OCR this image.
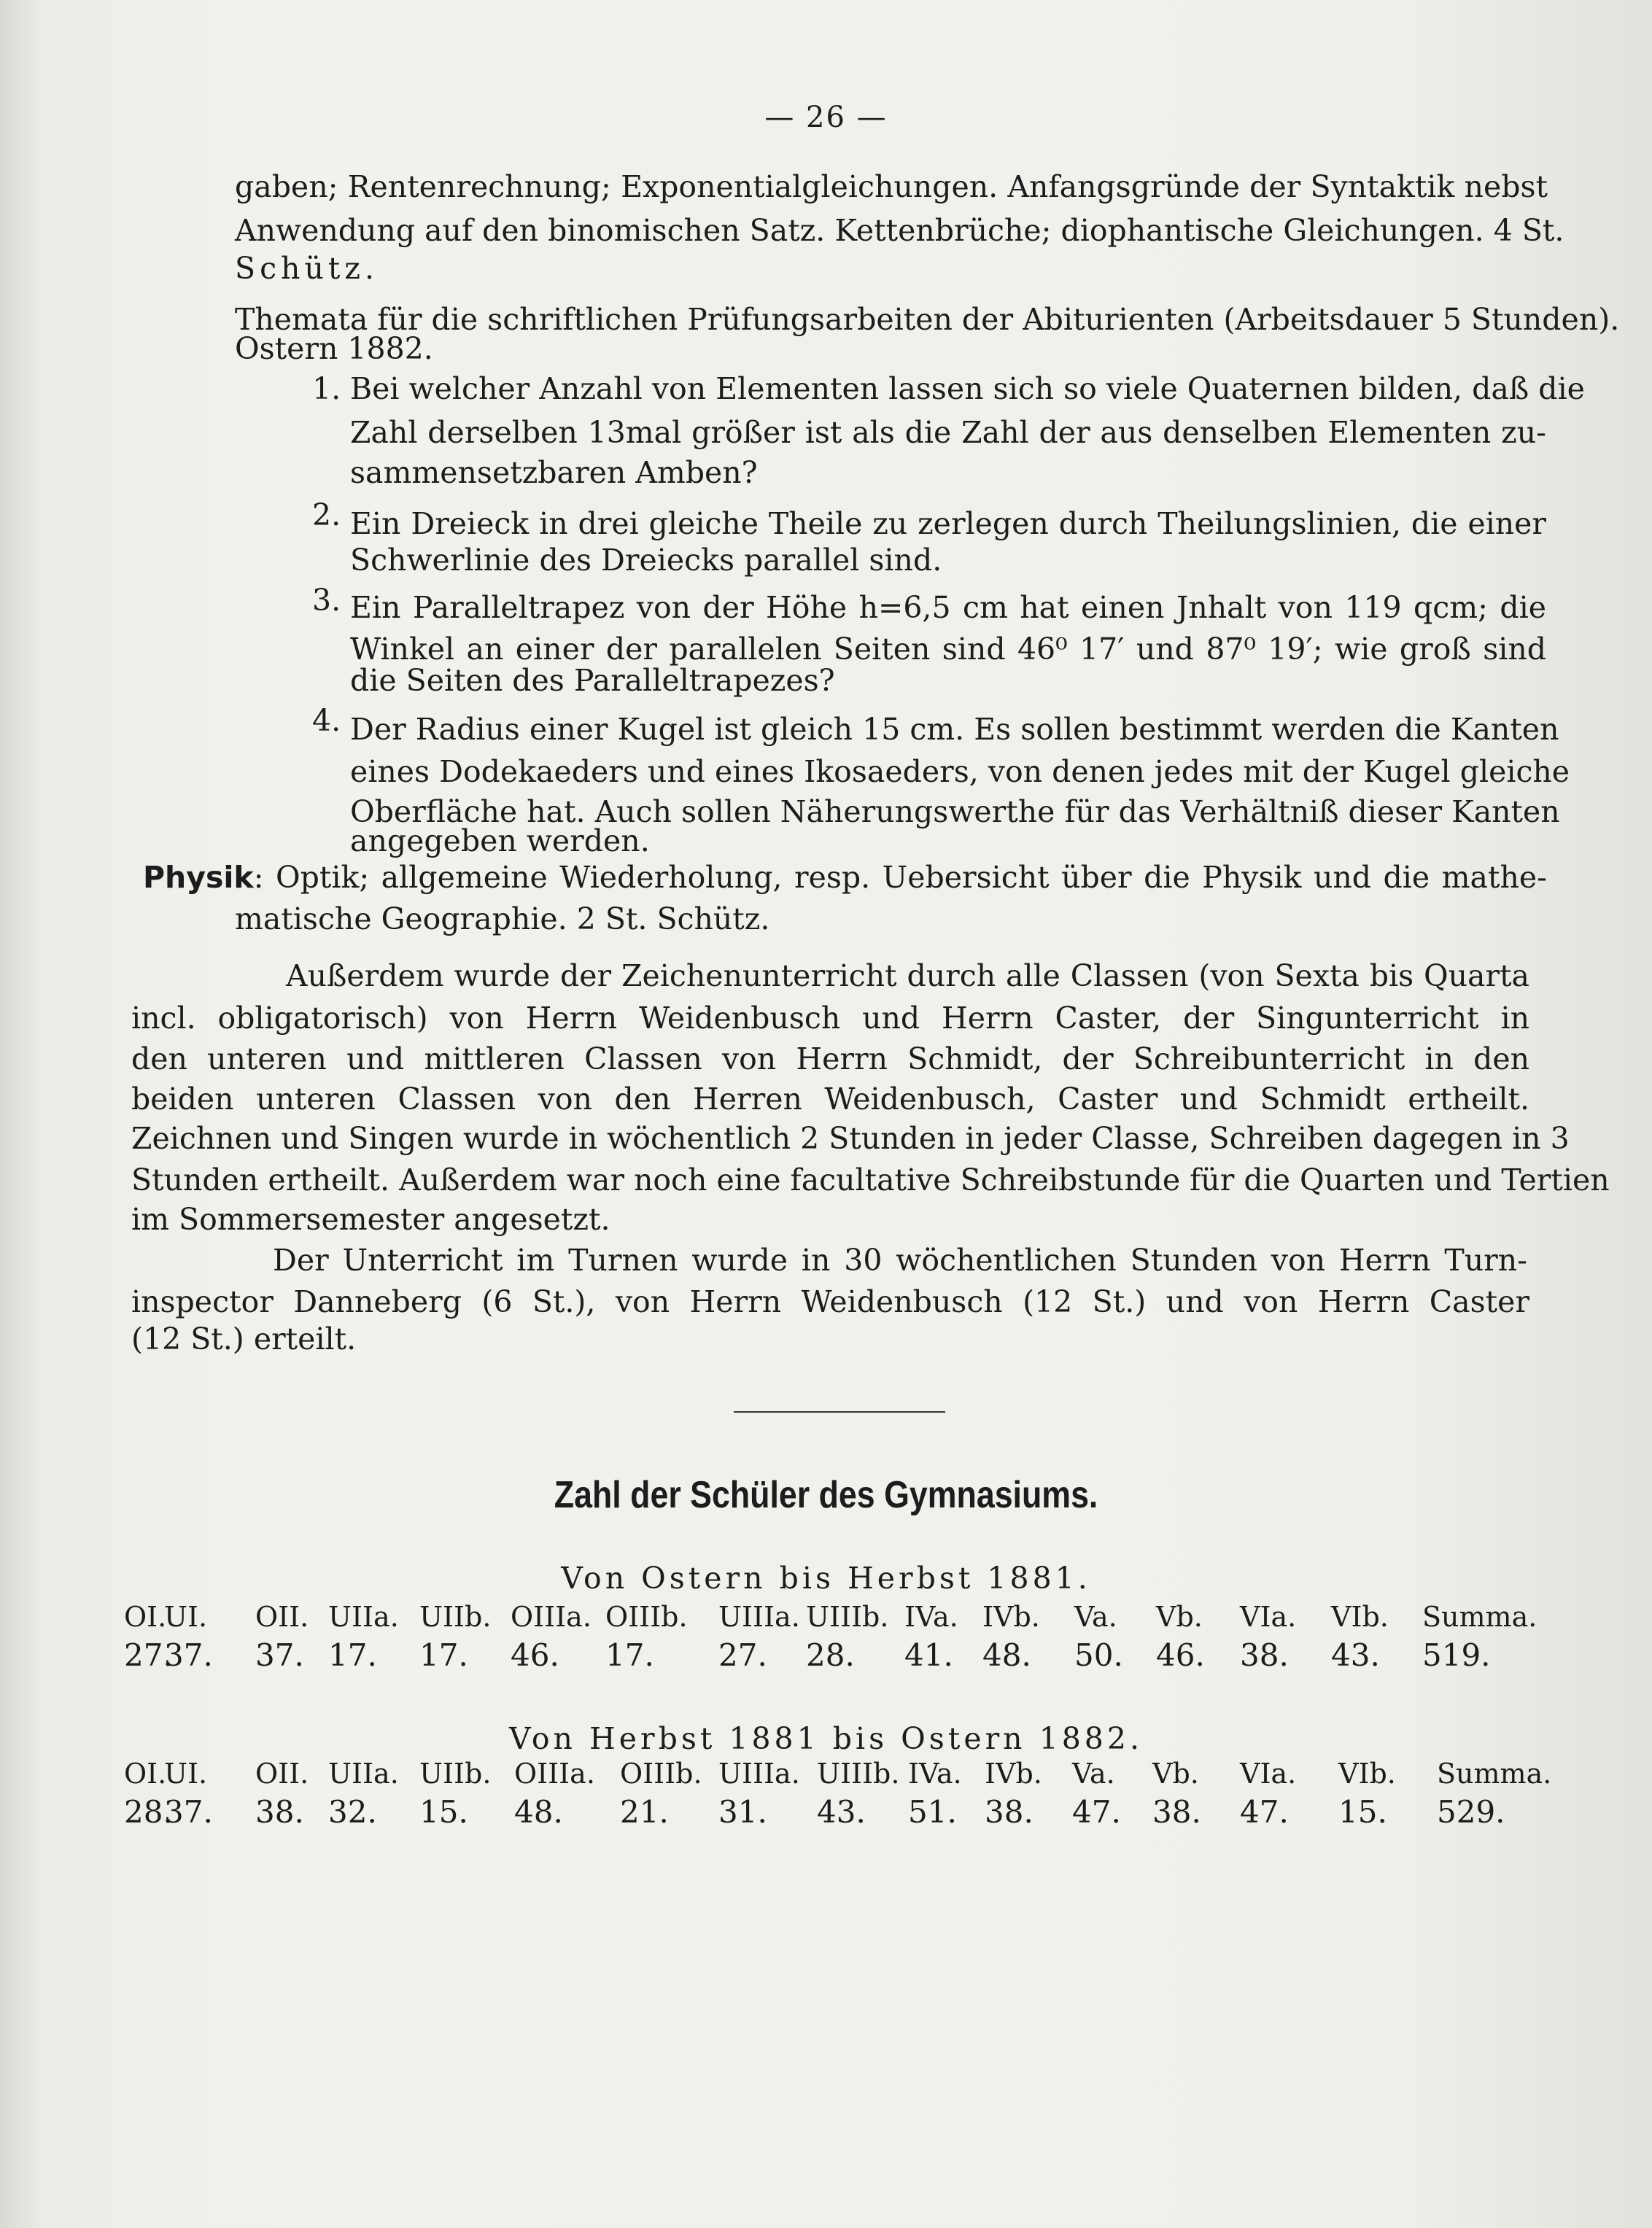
— 26 —
gaben; Rentenrechnung; Exponentialgleichungen. Anfangsgründe der Syntaktik nebst
Anwendung auf den binomischen Satz. Kettenbrüche; diophantische Gleichungen. 4 St.
Schütz.
Themata für die schriftlichen Prüfungsarbeiten der Abiturienten (Arbeitsdauer 5 Stunden).
Ostern 1882.
1. Bei welcher Anzahl von Elementen lassen sich so viele Quaternen bilden, daß die
Zahl derselben 13mal größer ist als die Zahl der aus denselben Elementen zu-
sammensetzbaren Amben?
2. Ein Dreieck in drei gleiche Theile zu zerlegen durch Theilungslinien, die einer
Schwerlinie des Dreiecks parallel sind.
3. Ein Paralleltrapez von der Höhe h=6,5 cm hat einen Jnhalt von 119 qcm; die
Winkel an einer der parallelen Seiten sind 46⁰ 17′ und 87⁰ 19′; wie groß sind
die Seiten des Paralleltrapezes?
4. Der Radius einer Kugel ist gleich 15 cm. Es sollen bestimmt werden die Kanten
eines Dodekaeders und eines Ikosaeders, von denen jedes mit der Kugel gleiche
Oberfläche hat. Auch sollen Näherungswerthe für das Verhältniß dieser Kanten
angegeben werden.
Physik: Optik; allgemeine Wiederholung, resp. Uebersicht über die Physik und die mathe-
matische Geographie. 2 St. Schütz.
Außerdem wurde der Zeichenunterricht durch alle Classen (von Sexta bis Quarta
incl. obligatorisch) von Herrn Weidenbusch und Herrn Caster, der Singunterricht in
den unteren und mittleren Classen von Herrn Schmidt, der Schreibunterricht in den
beiden unteren Classen von den Herren Weidenbusch, Caster und Schmidt ertheilt.
Zeichnen und Singen wurde in wöchentlich 2 Stunden in jeder Classe, Schreiben dagegen in 3
Stunden ertheilt. Außerdem war noch eine facultative Schreibstunde für die Quarten und Tertien
im Sommersemester angesetzt.
Der Unterricht im Turnen wurde in 30 wöchentlichen Stunden von Herrn Turn-
inspector Danneberg (6 St.), von Herrn Weidenbusch (12 St.) und von Herrn Caster
(12 St.) erteilt.
Zahl der Schüler des Gymnasiums.
Von Ostern bis Herbst 1881.
OI.
UI. OII. UIIa. UIIb. OIIIa. OIIIb. UIIIa. UIIIb. IVa. IVb. Va. Vb. VIa. VIb. Summa.
27.
37. 37. 17. 17. 46. 17. 27. 28. 41. 48. 50. 46. 38. 43. 519.
Von Herbst 1881 bis Ostern 1882.
OI.
UI. OII. UIIa. UIIb. OIIIa. OIIIb. UIIIa. UIIIb. IVa. IVb. Va. Vb. VIa. VIb. Summa.
28.
37. 38. 32. 15. 48. 21. 31. 43. 51. 38. 47. 38. 47. 15. 529.
